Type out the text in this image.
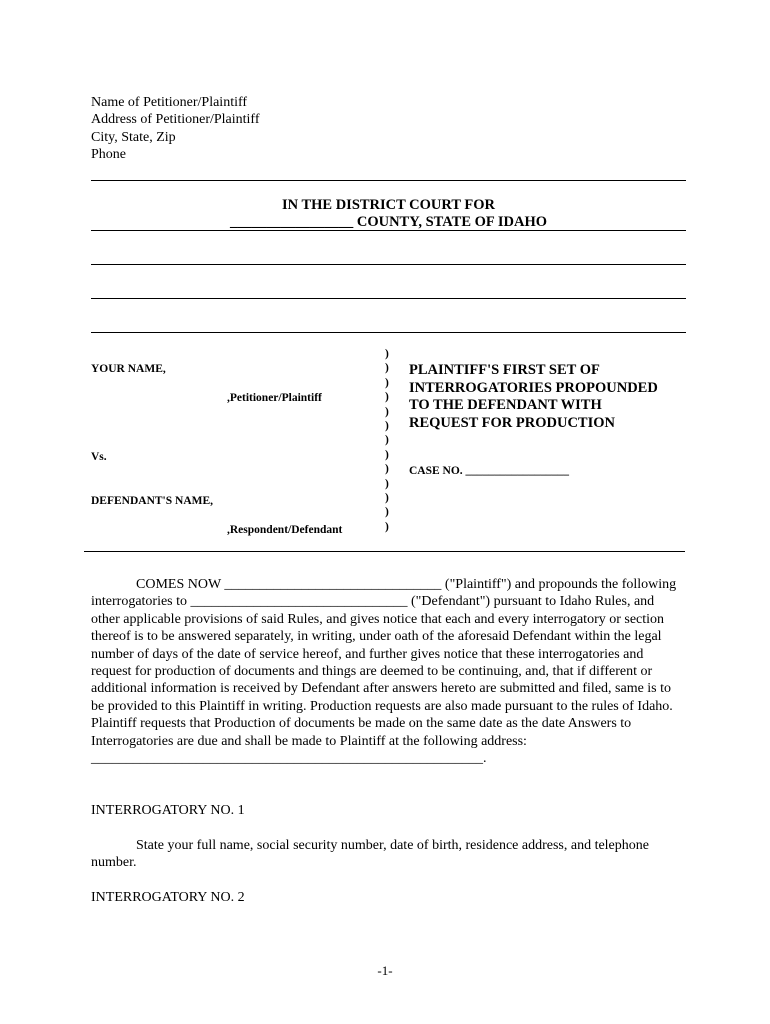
Name of Petitioner/Plaintiff
Address of Petitioner/Plaintiff
City, State, Zip
Phone
IN THE DISTRICT COURT FOR
_________________ COUNTY, STATE OF IDAHO
YOUR NAME,
,Petitioner/Plaintiff
Vs.
DEFENDANT'S NAME,
,Respondent/Defendant
)
)
)
)
)
)
)
)
)
)
)
)
)
PLAINTIFF'S FIRST SET OF
INTERROGATORIES PROPOUNDED
TO THE DEFENDANT WITH
REQUEST FOR PRODUCTION
CASE NO. __________________
COMES NOW _______________________________ ("Plaintiff") and propounds the following interrogatories to _______________________________ ("Defendant") pursuant to Idaho Rules, and other applicable provisions of said Rules, and gives notice that each and every interrogatory or section thereof is to be answered separately, in writing, under oath of the aforesaid Defendant within the legal number of days of the date of service hereof, and further gives notice that these interrogatories and request for production of documents and things are deemed to be continuing, and, that if different or additional information is received by Defendant after answers hereto are submitted and filed, same is to be provided to this Plaintiff in writing. Production requests are also made pursuant to the rules of Idaho. Plaintiff requests that Production of documents be made on the same date as the date Answers to Interrogatories are due and shall be made to Plaintiff at the following address:
________________________________________________________.
INTERROGATORY NO. 1
State your full name, social security number, date of birth, residence address, and telephone number.
INTERROGATORY NO. 2
-1-
